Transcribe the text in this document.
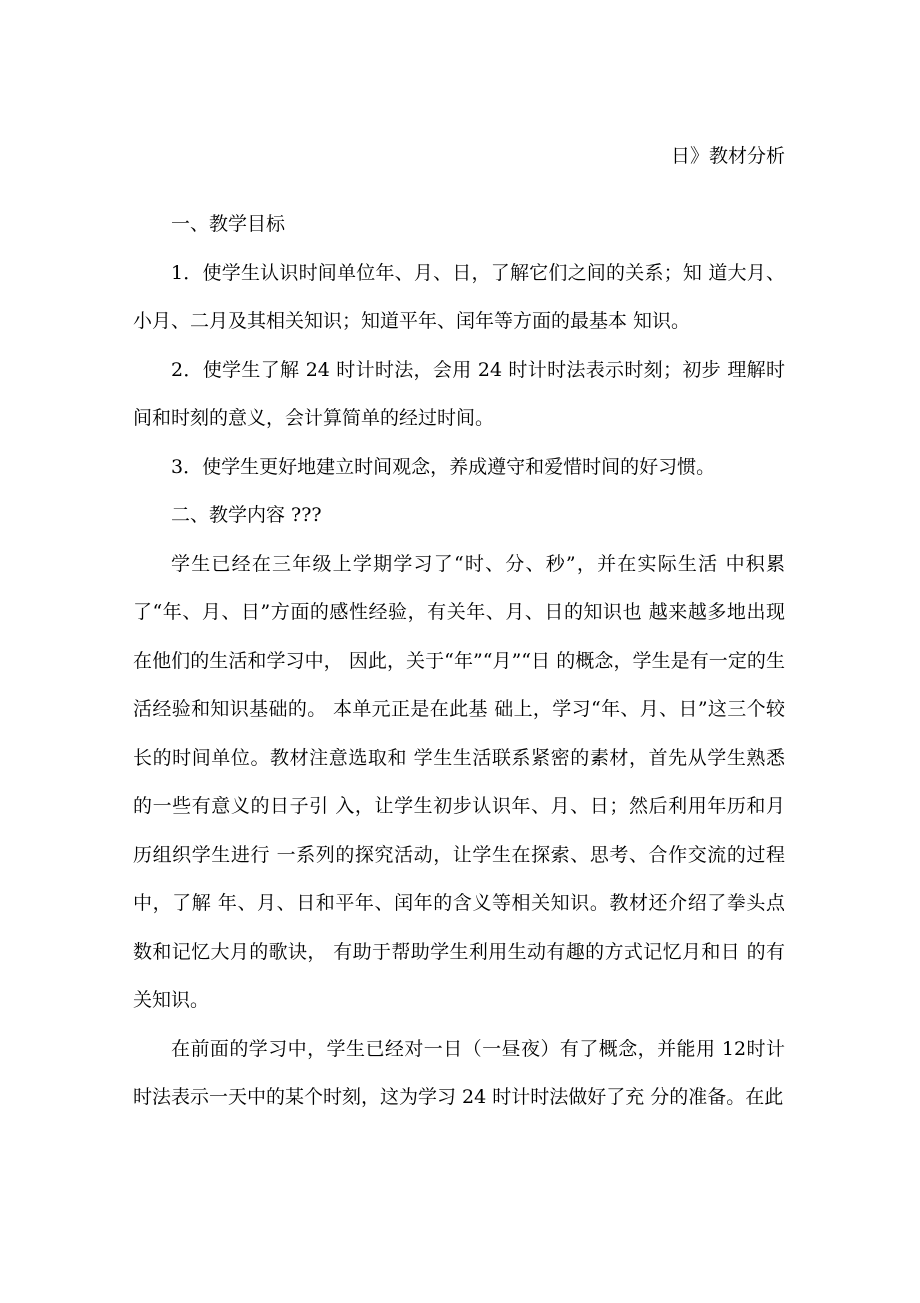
日》教材分析

一、教学目标

1．使学生认识时间单位年、月、日，了解它们之间的关系；知 道大月、小月、二月及其相关知识；知道平年、闰年等方面的最基本 知识。

2．使学生了解 24 时计时法，会用 24 时计时法表示时刻；初步 理解时间和时刻的意义，会计算简单的经过时间。

3．使学生更好地建立时间观念，养成遵守和爱惜时间的好习惯。

二、教学内容 ???

学生已经在三年级上学期学习了“时、分、秒”，并在实际生活 中积累了“年、月、日”方面的感性经验，有关年、月、日的知识也 越来越多地出现在他们的生活和学习中， 因此，关于“年”“月”“日 的概念，学生是有一定的生活经验和知识基础的。 本单元正是在此基 础上，学习“年、月、日”这三个较长的时间单位。教材注意选取和 学生生活联系紧密的素材，首先从学生熟悉的一些有意义的日子引 入，让学生初步认识年、月、日；然后利用年历和月历组织学生进行 一系列的探究活动，让学生在探索、思考、合作交流的过程中，了解 年、月、日和平年、闰年的含义等相关知识。教材还介绍了拳头点数和记忆大月的歌诀， 有助于帮助学生利用生动有趣的方式记忆月和日 的有关知识。

在前面的学习中，学生已经对一日（一昼夜）有了概念，并能用 12时计时法表示一天中的某个时刻，这为学习 24 时计时法做好了充 分的准备。在此
